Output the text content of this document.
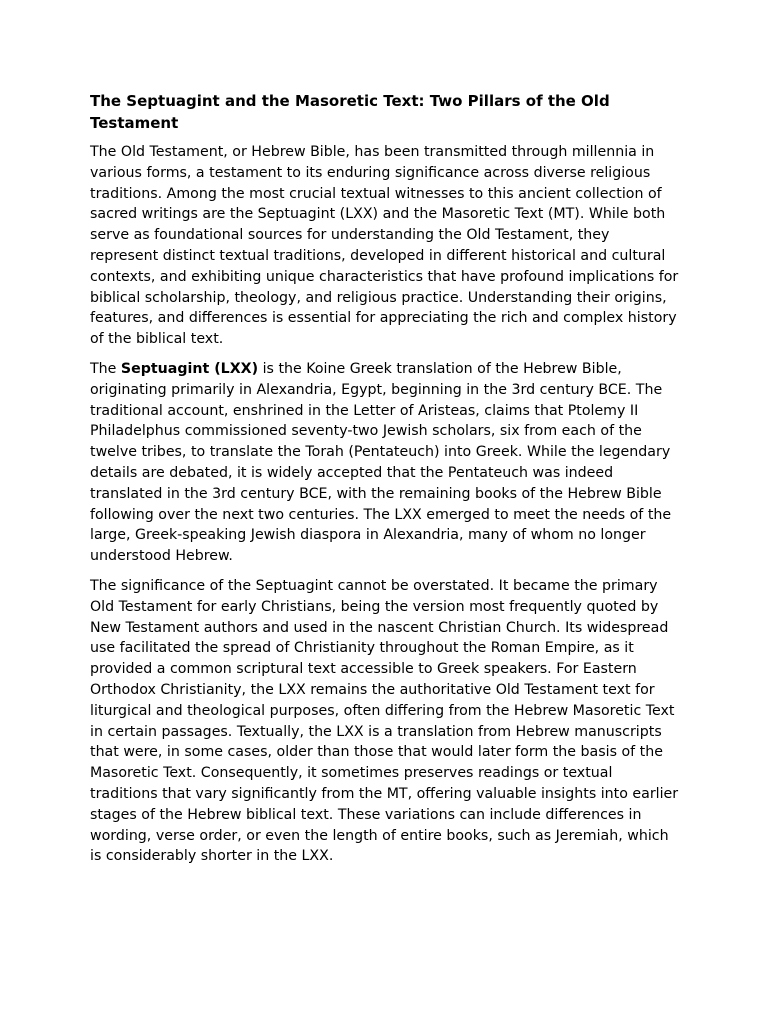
The Septuagint and the Masoretic Text: Two Pillars of the Old Testament

The Old Testament, or Hebrew Bible, has been transmitted through millennia in various forms, a testament to its enduring significance across diverse religious traditions. Among the most crucial textual witnesses to this ancient collection of sacred writings are the Septuagint (LXX) and the Masoretic Text (MT). While both serve as foundational sources for understanding the Old Testament, they represent distinct textual traditions, developed in different historical and cultural contexts, and exhibiting unique characteristics that have profound implications for biblical scholarship, theology, and religious practice. Understanding their origins, features, and differences is essential for appreciating the rich and complex history of the biblical text.

The Septuagint (LXX) is the Koine Greek translation of the Hebrew Bible, originating primarily in Alexandria, Egypt, beginning in the 3rd century BCE. The traditional account, enshrined in the Letter of Aristeas, claims that Ptolemy II Philadelphus commissioned seventy-two Jewish scholars, six from each of the twelve tribes, to translate the Torah (Pentateuch) into Greek. While the legendary details are debated, it is widely accepted that the Pentateuch was indeed translated in the 3rd century BCE, with the remaining books of the Hebrew Bible following over the next two centuries. The LXX emerged to meet the needs of the large, Greek-speaking Jewish diaspora in Alexandria, many of whom no longer understood Hebrew.

The significance of the Septuagint cannot be overstated. It became the primary Old Testament for early Christians, being the version most frequently quoted by New Testament authors and used in the nascent Christian Church. Its widespread use facilitated the spread of Christianity throughout the Roman Empire, as it provided a common scriptural text accessible to Greek speakers. For Eastern Orthodox Christianity, the LXX remains the authoritative Old Testament text for liturgical and theological purposes, often differing from the Hebrew Masoretic Text in certain passages. Textually, the LXX is a translation from Hebrew manuscripts that were, in some cases, older than those that would later form the basis of the Masoretic Text. Consequently, it sometimes preserves readings or textual traditions that vary significantly from the MT, offering valuable insights into earlier stages of the Hebrew biblical text. These variations can include differences in wording, verse order, or even the length of entire books, such as Jeremiah, which is considerably shorter in the LXX.
